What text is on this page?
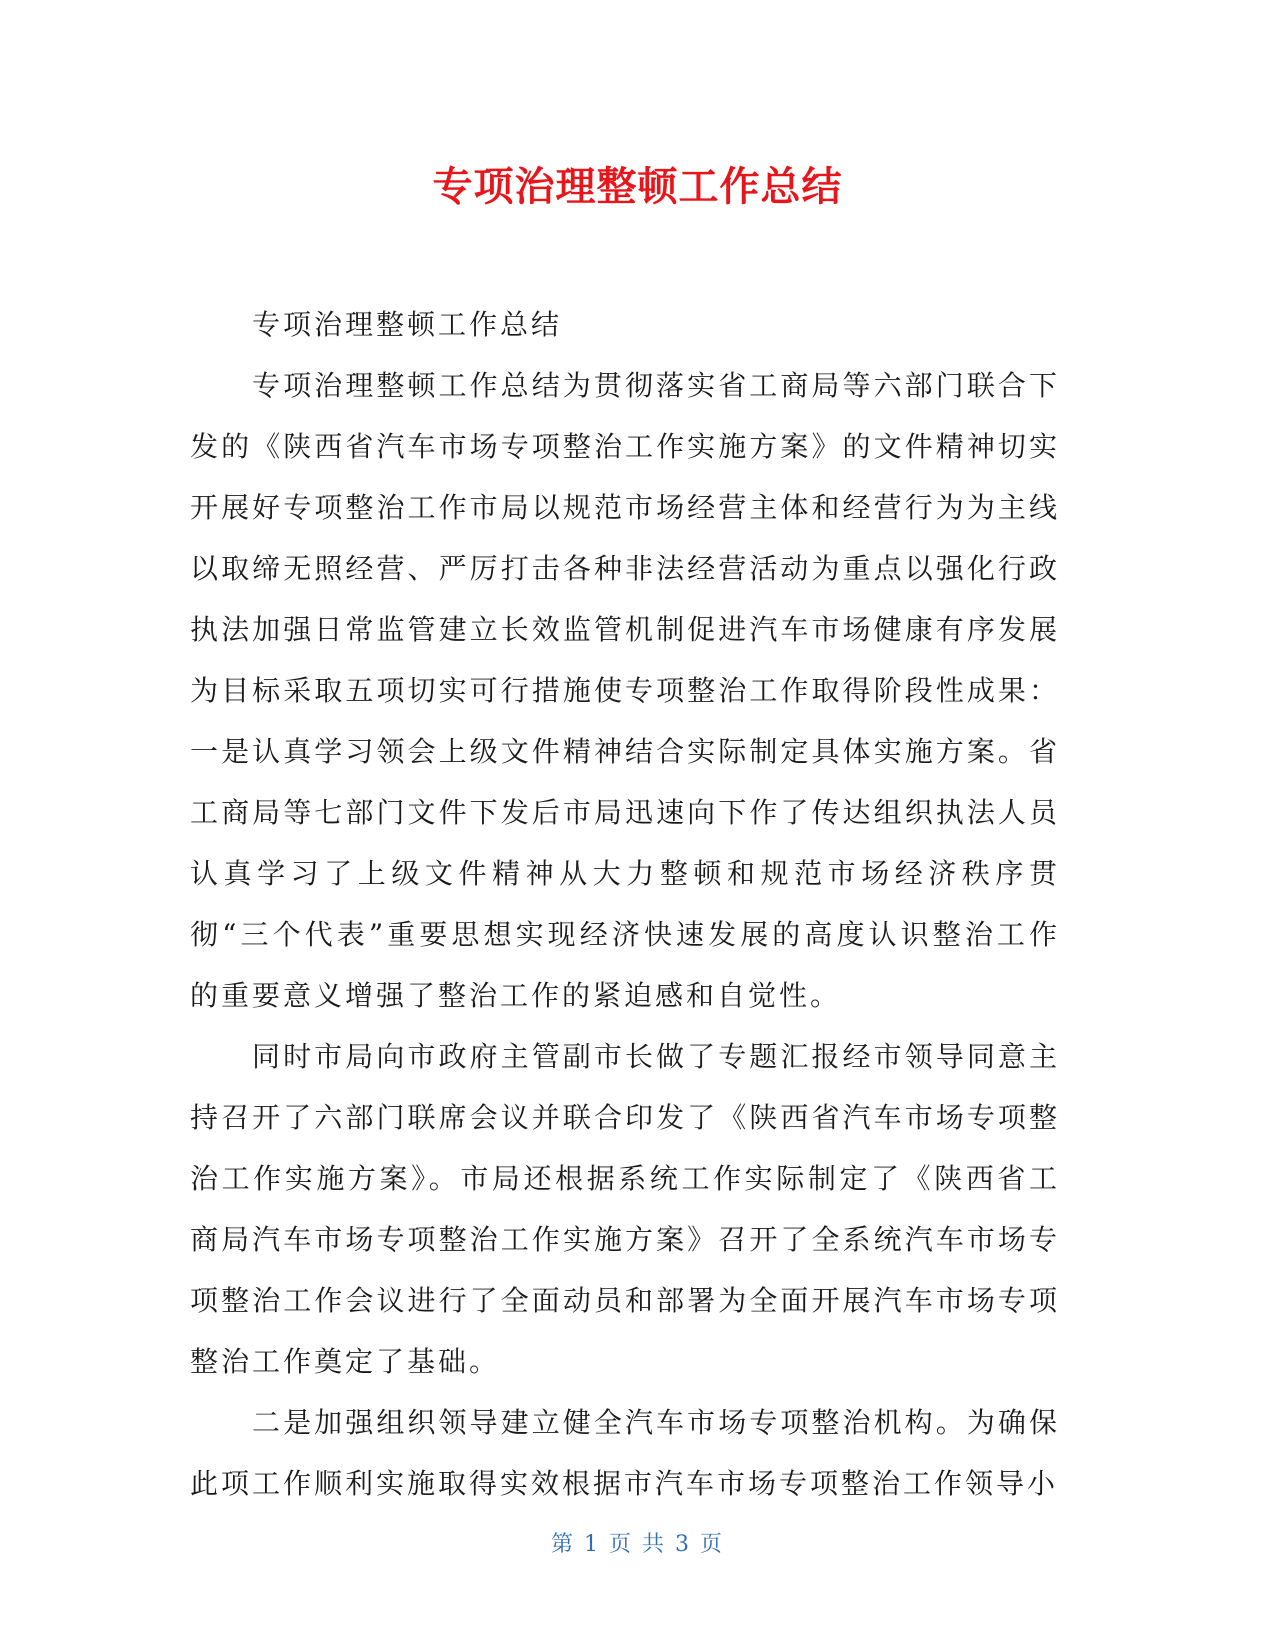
专项治理整顿工作总结

专项治理整顿工作总结

专项治理整顿工作总结为贯彻落实省工商局等六部门联合下发的《陕西省汽车市场专项整治工作实施方案》的文件精神切实开展好专项整治工作市局以规范市场经营主体和经营行为为主线以取缔无照经营、严厉打击各种非法经营活动为重点以强化行政执法加强日常监管建立长效监管机制促进汽车市场健康有序发展为目标采取五项切实可行措施使专项整治工作取得阶段性成果：一是认真学习领会上级文件精神结合实际制定具体实施方案。省工商局等七部门文件下发后市局迅速向下作了传达组织执法人员认真学习了上级文件精神从大力整顿和规范市场经济秩序贯彻“三个代表”重要思想实现经济快速发展的高度认识整治工作的重要意义增强了整治工作的紧迫感和自觉性。

同时市局向市政府主管副市长做了专题汇报经市领导同意主持召开了六部门联席会议并联合印发了《陕西省汽车市场专项整治工作实施方案》。市局还根据系统工作实际制定了《陕西省工商局汽车市场专项整治工作实施方案》召开了全系统汽车市场专项整治工作会议进行了全面动员和部署为全面开展汽车市场专项整治工作奠定了基础。

二是加强组织领导建立健全汽车市场专项整治机构。为确保此项工作顺利实施取得实效根据市汽车市场专项整治工作领导小

第 1 页 共 3 页
